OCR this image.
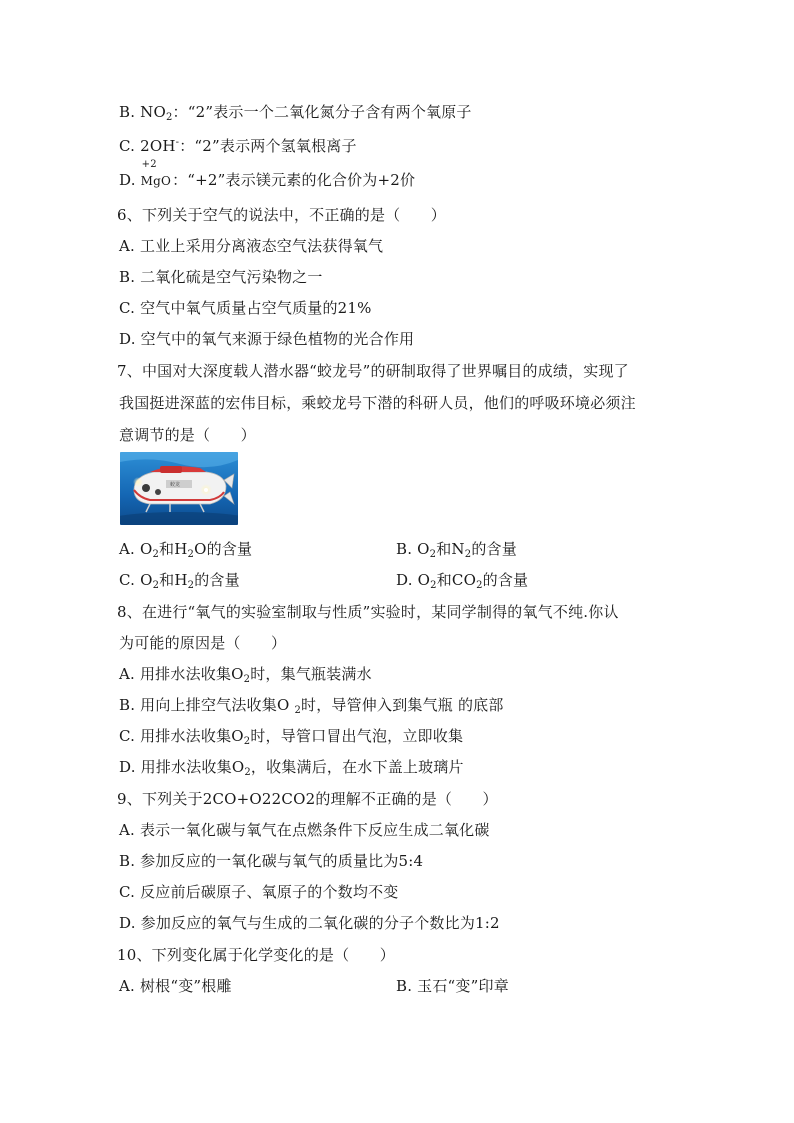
B. $NO_2$：“2”表示一个二氧化氮分子含有两个氧原子
C. 2OH-：“2”表示两个氢氧根离子
D.
+2
MgO：“+2”表示镁元素的化合价为+2价
6、下列关于空气的说法中，不正确的是（　　）
A. 工业上采用分离液态空气法获得氧气
B. 二氧化硫是空气污染物之一
C. 空气中氧气质量占空气质量的21%
D. 空气中的氧气来源于绿色植物的光合作用
7、中国对大深度载人潜水器“蛟龙号”的研制取得了世界嘱目的成绩，实现了
我国挺进深蓝的宏伟目标，乘蛟龙号下潜的科研人员，他们的呼吸环境必须注
意调节的是（　　）
蛟龙
A. $O_2$和$H_2O$的含量	B. $O_2$和$N_2$的含量
C. $O_2$和$H_2$的含量	D. $O_2$和$CO_2$的含量
8、在进行“氧气的实验室制取与性质”实验时，某同学制得的氧气不纯.你认
为可能的原因是（　　）
A. 用排水法收集$O_2$时，集气瓶装满水
B. 用向上排空气法收集O $_2$时，导管伸入到集气瓶 的底部
C. 用排水法收集$O_2$时，导管口冒出气泡，立即收集
D. 用排水法收集$O_2$，收集满后，在水下盖上玻璃片
9、下列关于2CO+O22CO2的理解不正确的是（　　）
A. 表示一氧化碳与氧气在点燃条件下反应生成二氧化碳
B. 参加反应的一氧化碳与氧气的质量比为5:4
C. 反应前后碳原子、氧原子的个数均不变
D. 参加反应的氧气与生成的二氧化碳的分子个数比为1:2
10、下列变化属于化学变化的是（　　）
A. 树根“变”根雕	B. 玉石“变”印章
